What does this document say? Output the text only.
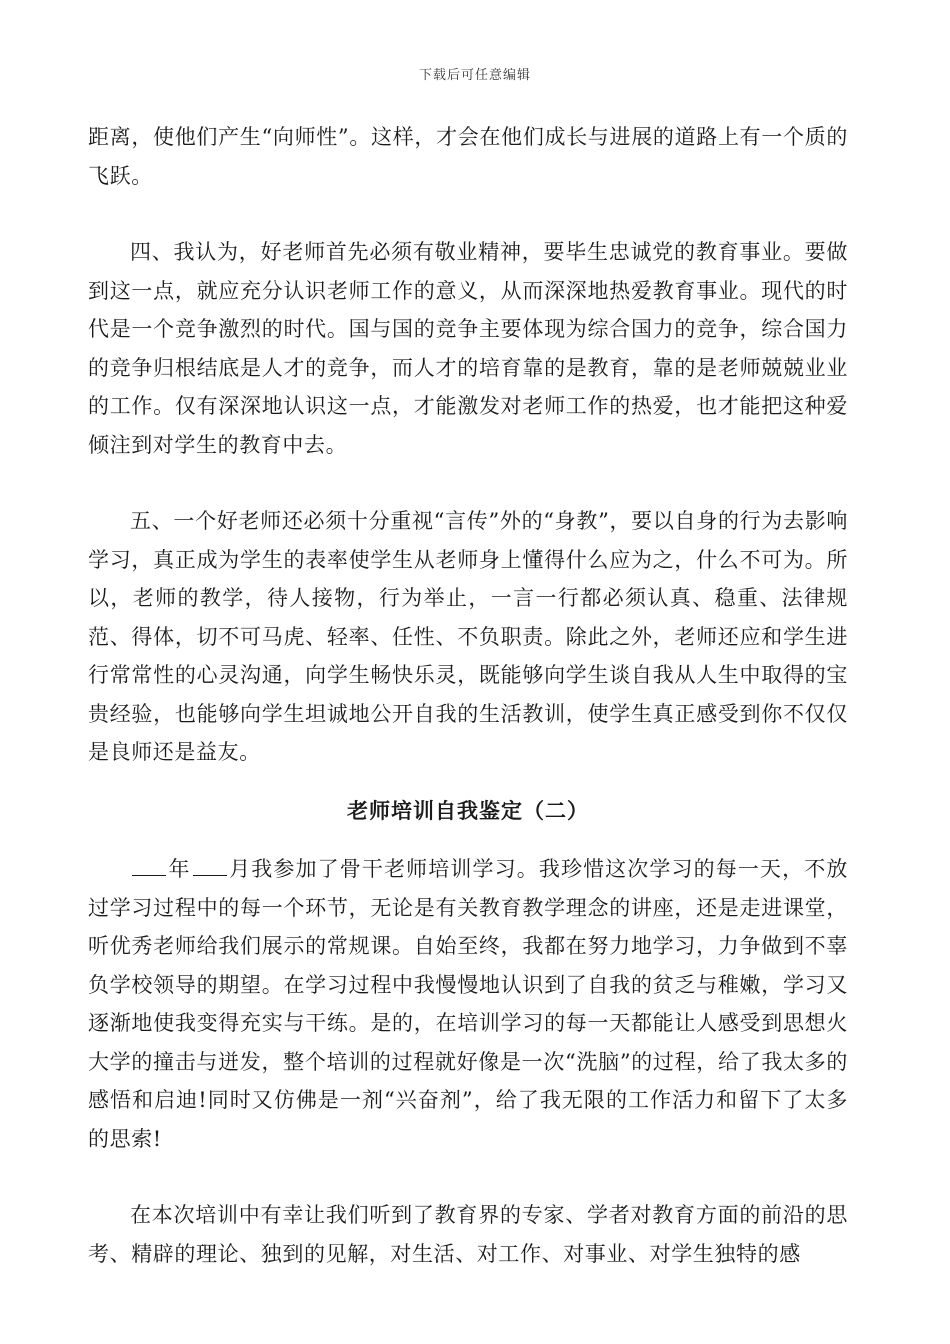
下载后可任意编辑

距离，使他们产生“向师性”。这样，才会在他们成长与进展的道路上有一个质的飞跃。

四、我认为，好老师首先必须有敬业精神，要毕生忠诚党的教育事业。要做到这一点，就应充分认识老师工作的意义，从而深深地热爱教育事业。现代的时代是一个竞争激烈的时代。国与国的竞争主要体现为综合国力的竞争，综合国力的竞争归根结底是人才的竞争，而人才的培育靠的是教育，靠的是老师兢兢业业的工作。仅有深深地认识这一点，才能激发对老师工作的热爱，也才能把这种爱倾注到对学生的教育中去。

五、一个好老师还必须十分重视“言传”外的“身教”，要以自身的行为去影响学习，真正成为学生的表率使学生从老师身上懂得什么应为之，什么不可为。所以，老师的教学，待人接物，行为举止，一言一行都必须认真、稳重、法律规范、得体，切不可马虎、轻率、任性、不负职责。除此之外，老师还应和学生进行常常性的心灵沟通，向学生畅快乐灵，既能够向学生谈自我从人生中取得的宝贵经验，也能够向学生坦诚地公开自我的生活教训，使学生真正感受到你不仅仅是良师还是益友。

老师培训自我鉴定（二）

年 月我参加了骨干老师培训学习。我珍惜这次学习的每一天，不放过学习过程中的每一个环节，无论是有关教育教学理念的讲座，还是走进课堂，听优秀老师给我们展示的常规课。自始至终，我都在努力地学习，力争做到不辜负学校领导的期望。在学习过程中我慢慢地认识到了自我的贫乏与稚嫩，学习又逐渐地使我变得充实与干练。是的，在培训学习的每一天都能让人感受到思想火大学的撞击与迸发，整个培训的过程就好像是一次“洗脑”的过程，给了我太多的感悟和启迪!同时又仿佛是一剂“兴奋剂”，给了我无限的工作活力和留下了太多的思索!

在本次培训中有幸让我们听到了教育界的专家、学者对教育方面的前沿的思考、精辟的理论、独到的见解，对生活、对工作、对事业、对学生独特的感
